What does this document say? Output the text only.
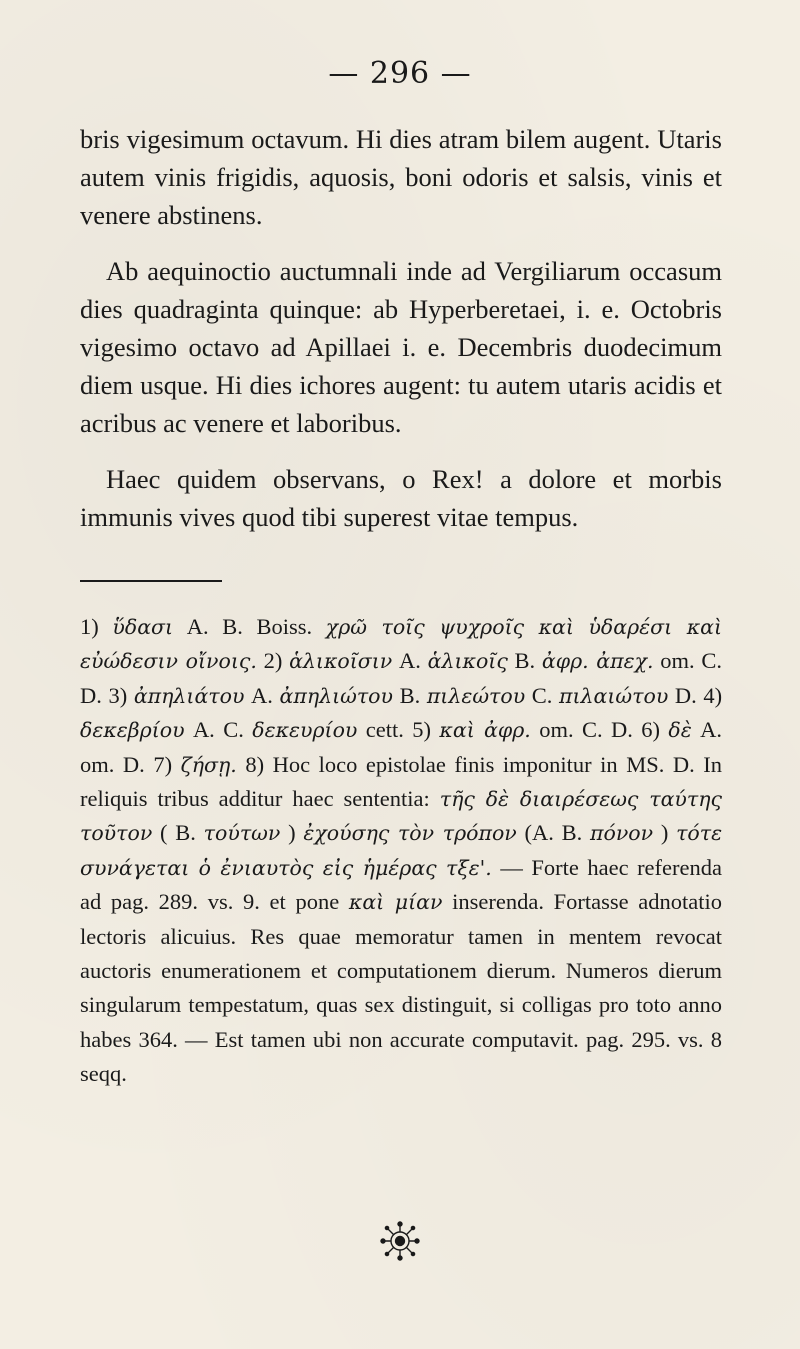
— 296 —

bris vigesimum octavum. Hi dies atram bilem augent. Utaris autem vinis frigidis, aquosis, boni odoris et salsis, vinis et venere abstinens.

Ab aequinoctio auctumnali inde ad Vergiliarum occasum dies quadraginta quinque: ab Hyperberetaei, i. e. Octobris vigesimo octavo ad Apillaei i. e. Decembris duodecimum diem usque. Hi dies ichores augent: tu autem utaris acidis et acribus ac venere et laboribus.

Haec quidem observans, o Rex! a dolore et morbis immunis vives quod tibi superest vitae tempus.

1) ὕδασι A. B. Boiss. χρῶ τοῖς ψυχροῖς καὶ ὑδαρέσι καὶ εὐώδεσιν οἴνοις. 2) ἁλικοῖσιν A. ἁλικοῖς B. ἀφρ. ἀπεχ. om. C. D. 3) ἀπηλιάτου A. ἀπηλιώτου B. πιλεώτου C. πιλαιώτου D. 4) δεκεβρίου A. C. δεκευρίου cett. 5) καὶ ἀφρ. om. C. D. 6) δὲ A. om. D. 7) ζήσῃ. 8) Hoc loco epistolae finis imponitur in MS. D. In reliquis tribus additur haec sententia: τῆς δὲ διαιρέσεως ταύτης τοῦτον ( B. τούτων ) ἐχούσης τὸν τρόπον (A. B. πόνον ) τότε συνάγεται ὁ ἐνιαυτὸς εἰς ἡμέρας τξε'. — Forte haec referenda ad pag. 289. vs. 9. et pone καὶ μίαν inserenda. Fortasse adnotatio lectoris alicuius. Res quae memoratur tamen in mentem revocat auctoris enumerationem et computationem dierum. Numeros dierum singularum tempestatum, quas sex distinguit, si colligas pro toto anno habes 364. — Est tamen ubi non accurate computavit. pag. 295. vs. 8 seqq.
